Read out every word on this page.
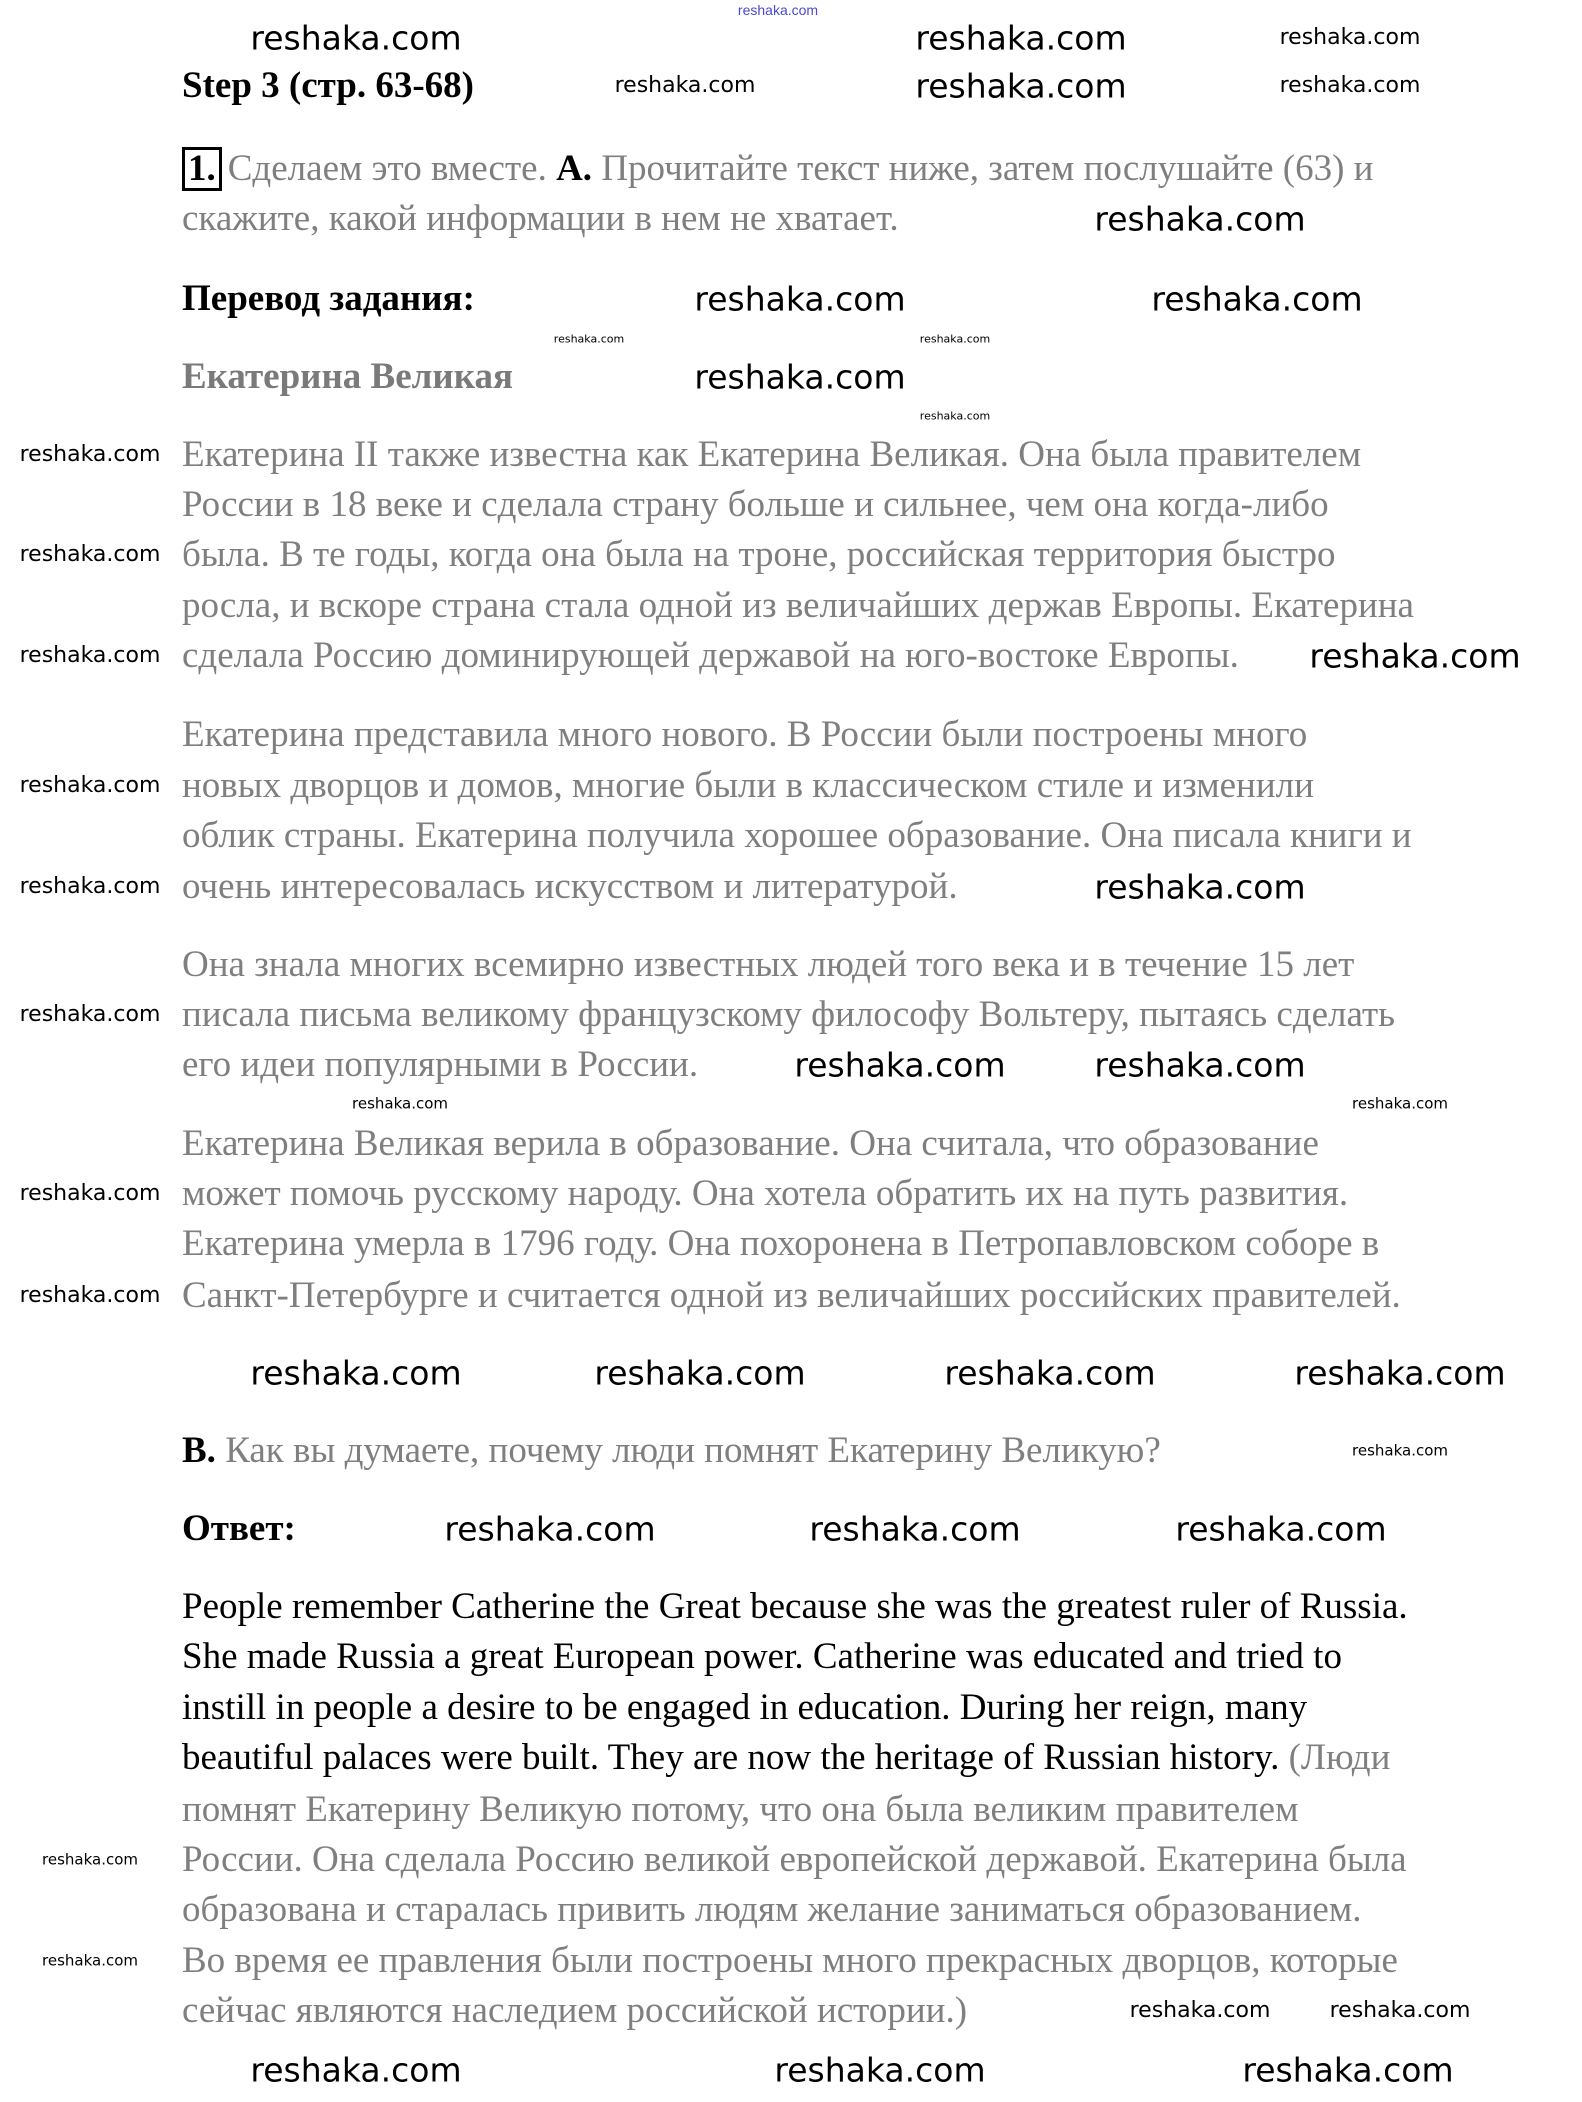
reshaka.com
Step 3 (стр. 63-68)
1. Сделаем это вместе. A. Прочитайте текст ниже, затем послушайте (63) и
скажите, какой информации в нем не хватает.
Перевод задания:
Екатерина Великая
Екатерина II также известна как Екатерина Великая. Она была правителем
России в 18 веке и сделала страну больше и сильнее, чем она когда-либо
была. В те годы, когда она была на троне, российская территория быстро
росла, и вскоре страна стала одной из величайших держав Европы. Екатерина
сделала Россию доминирующей державой на юго-востоке Европы.
Екатерина представила много нового. В России были построены много
новых дворцов и домов, многие были в классическом стиле и изменили
облик страны. Екатерина получила хорошее образование. Она писала книги и
очень интересовалась искусством и литературой.
Она знала многих всемирно известных людей того века и в течение 15 лет
писала письма великому французскому философу Вольтеру, пытаясь сделать
его идеи популярными в России.
Екатерина Великая верила в образование. Она считала, что образование
может помочь русскому народу. Она хотела обратить их на путь развития.
Екатерина умерла в 1796 году. Она похоронена в Петропавловском соборе в
Санкт-Петербурге и считается одной из величайших российских правителей.
B. Как вы думаете, почему люди помнят Екатерину Великую?
Ответ:
People remember Catherine the Great because she was the greatest ruler of Russia.
She made Russia a great European power. Catherine was educated and tried to
instill in people a desire to be engaged in education. During her reign, many
beautiful palaces were built. They are now the heritage of Russian history. (Люди
помнят Екатерину Великую потому, что она была великим правителем
России. Она сделала Россию великой европейской державой. Екатерина была
образована и старалась привить людям желание заниматься образованием.
Во время ее правления были построены много прекрасных дворцов, которые
сейчас являются наследием российской истории.)
reshaka.com	reshaka.com
reshaka.com
reshaka.com	reshaka.com	reshaka.com
reshaka.com
reshaka.com	reshaka.com
reshaka.com
reshaka.com
reshaka.com
reshaka.com
reshaka.com
reshaka.com
reshaka.com	reshaka.com
reshaka.com
reshaka.com	reshaka.com
reshaka.com
reshaka.com	reshaka.com
reshaka.com	reshaka.com
reshaka.com
reshaka.com
reshaka.com	reshaka.com	reshaka.com	reshaka.com
reshaka.com
reshaka.com	reshaka.com	reshaka.com
reshaka.com
reshaka.com
reshaka.com	reshaka.com
reshaka.com	reshaka.com	reshaka.com
